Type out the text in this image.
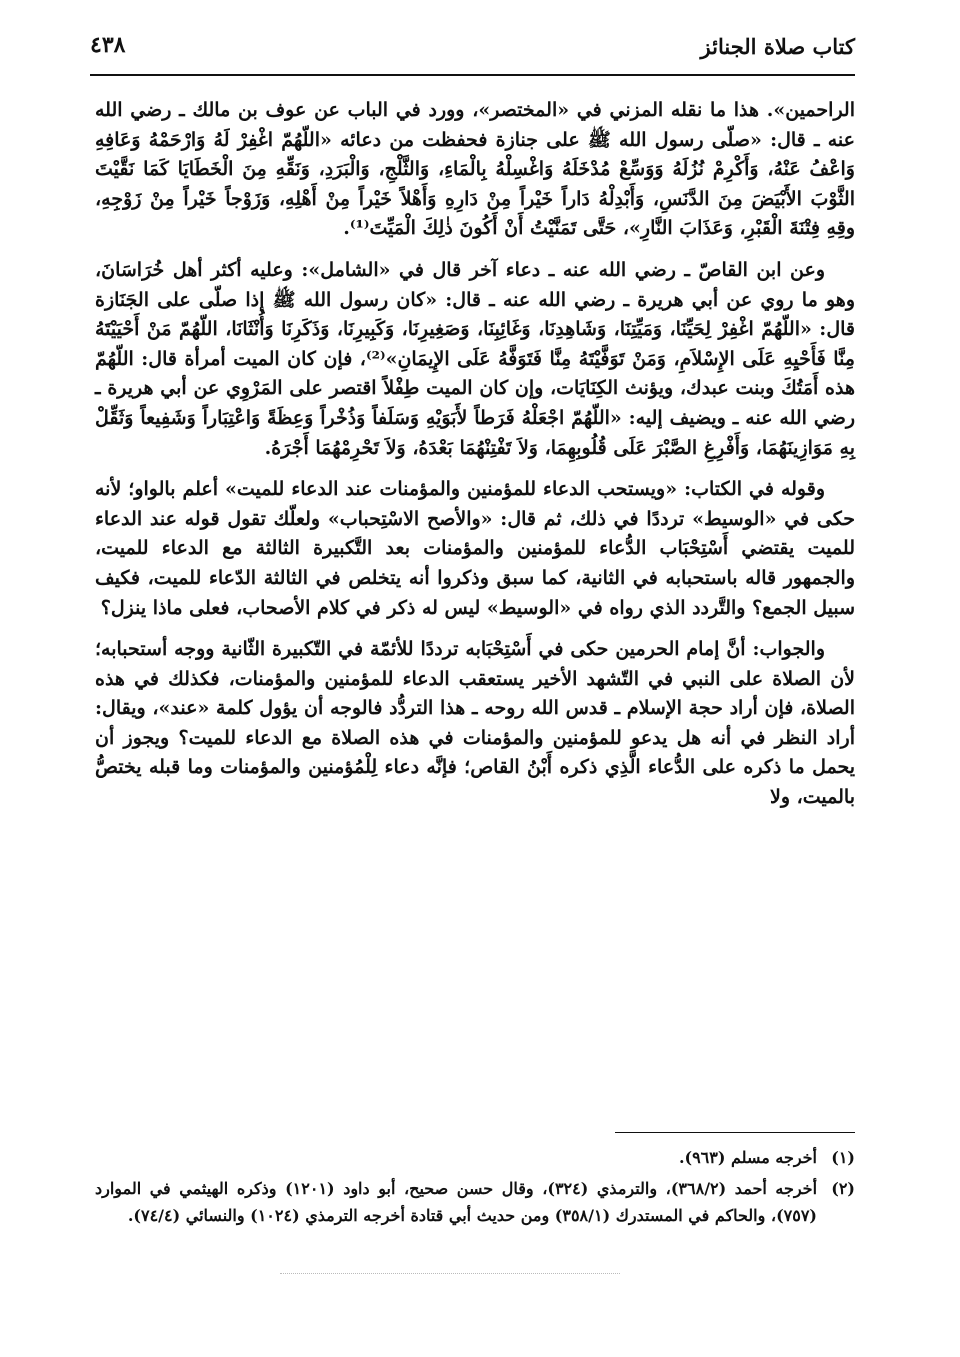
كتاب صلاة الجنائز
٤٣٨

الراحمين». هذا ما نقله المزني في «المختصر»، وورد في الباب عن عوف بن مالك ـ رضي الله عنه ـ قال: «صلّى رسول الله ﷺ على جنازة فحفظت من دعائه «اللّهُمّ اغْفِرْ لَهُ وَارْحَمْهُ وَعَافِهِ وَاعْفُ عَنْهُ، وَأَكْرِمْ نُزُلَهُ وَوَسِّعْ مُدْخَلَهُ وَاغْسِلْهُ بِالْمَاءِ، وَالثَّلْجِ، وَالْبَرَدِ، وَنَقِّهِ مِنَ الْخَطَايَا كَمَا نَقَّيْتَ الثَّوْبَ الأَبْيَضَ مِنَ الدَّنَسِ، وَأَبْدِلْهُ دَاراً خَيْراً مِنْ دَارِهِ وَأَهْلاً خَيْراً مِنْ أَهْلِهِ، وَزَوْجاً خَيْراً مِنْ زَوْجِهِ، وقِهِ فِتْنَةَ الْقَبْرِ، وَعَذَابَ النَّارِ»، حَتَّى تَمَنَّيْتُ أَنْ أَكُونَ ذٰلِكَ الْمَيِّتَ⁽¹⁾.

وعن ابن القاصّ ـ رضي الله عنه ـ دعاء آخر قال في «الشامل»: وعليه أكثر أهل خُرَاسَانَ، وهو ما روي عن أبي هريرة ـ رضي الله عنه ـ قال: «كان رسول الله ﷺ إذا صلّى على الجَنَازة قال: «اللّهُمّ اغْفِرْ لِحَيِّنَا، وَمَيِّتِنَا، وَشَاهِدِنَا، وَغَائِبِنَا، وَصَغِيرِنَا، وَكَبِيرِنَا، وَذَكَرِنَا وَأُنْثَانَا، اللّهُمّ مَنْ أَحْيَيْتَهُ مِنَّا فَأَحْيِهِ عَلَى الإِسْلاَمِ، وَمَنْ تَوَفَّيْتَهُ مِنَّا فَتَوَفَّهُ عَلَى الإِيمَانِ»⁽²⁾، فإن كان الميت أمرأة قال: اللّهُمّ هذه أَمَتُكَ وبنت عبدك، ويؤنث الكِنَايَات، وإن كان الميت طِفْلاً اقتصر على المَرْوِي عن أبي هريرة ـ رضي الله عنه ـ ويضيف إليه: «اللّهُمّ اجْعَلْهُ فَرَطاً لأَبَوَيْهِ وَسَلَفاً وَذُخْراً وَعِظَةً وَاعْتِبَاراً وَشَفِيعاً وَثَقِّلْ بِهِ مَوَازِينَهُمَا، وَأَفْرِغِ الصَّبْرَ عَلَى قُلُوبِهِمَا، وَلاَ تَفْتِنْهُمَا بَعْدَهُ، وَلاَ تَحْرِمْهُمَا أَجْرَهُ.

وقوله في الكتاب: «ويستحب الدعاء للمؤمنين والمؤمنات عند الدعاء للميت» أعلم بالواو؛ لأنه حكى في «الوسيط» ترددًا في ذلك، ثم قال: «والأصح الاسْتِحباب» ولعلّك تقول قوله عند الدعاء للميت يقتضي أَسْتِحْبَاب الدُّعاء للمؤمنين والمؤمنات بعد التَّكبيرة الثالثة مع الدعاء للميت، والجمهور قاله باستحبابه في الثانية، كما سبق وذكروا أنه يتخلص في الثالثة الدّعاء للميت، فكيف سبيل الجمع؟ والتَّردد الذي رواه في «الوسيط» ليس له ذكر في كلام الأصحاب، فعلى ماذا ينزل؟

والجواب: أنَّ إمام الحرمين حكى في أَسْتِحْبَابه ترددًا للأئمّة في التّكبيرة الثّانية ووجه أستحبابه؛ لأن الصلاة على النبي في التّشهد الأخير يستعقب الدعاء للمؤمنين والمؤمنات، فكذلك في هذه الصلاة، فإن أراد حجة الإسلام ـ قدس الله روحه ـ هذا التردُّد فالوجه أن يؤول كلمة «عند»، ويقال: أراد النظر في أنه هل يدعو للمؤمنين والمؤمنات في هذه الصلاة مع الدعاء للميت؟ ويجوز أن يحمل ما ذكره على الدُّعاء الَّذِي ذكره أَبْنُ القاص؛ فإنَّه دعاء لِلْمُؤمنين والمؤمنات وما قبله يختصُّ بالميت، ولا

(١)
أخرجه مسلم (٩٦٣).
(٢)
أخرجه أحمد (٣٦٨/٢)، والترمذي (٣٢٤)، وقال حسن صحيح، أبو داود (١٢٠١) وذكره الهيثمي في الموارد (٧٥٧)، والحاكم في المستدرك (٣٥٨/١) ومن حديث أبي قتادة أخرجه الترمذي (١٠٢٤) والنسائي (٧٤/٤).
